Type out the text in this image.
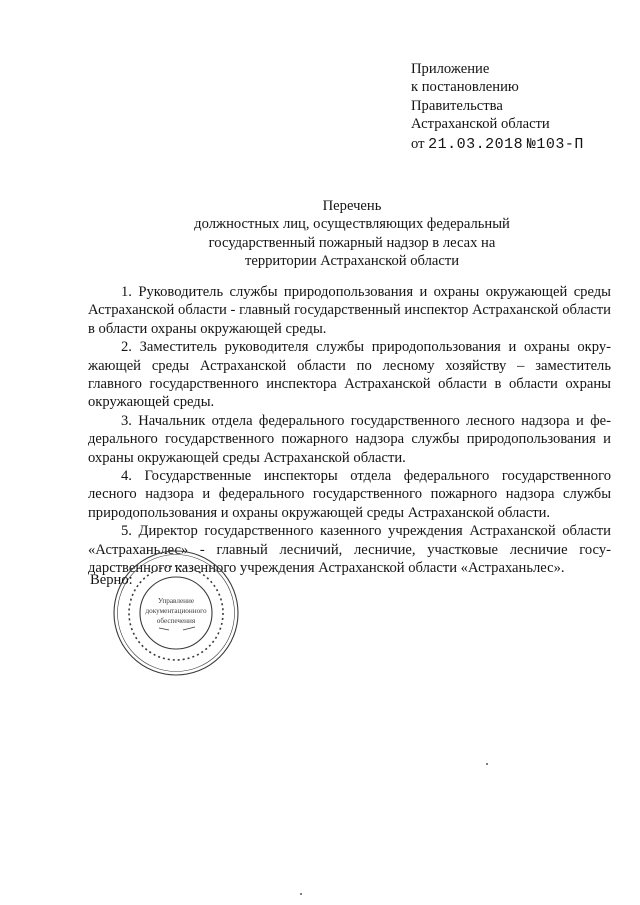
Приложение
к постановлению
Правительства
Астраханской области
от 21.03.2018 №103-П
Перечень
должностных лиц, осуществляющих федеральный
государственный пожарный надзор в лесах на
территории Астраханской области

1. Руководитель службы природопользования и охраны окружающей среды Астраханской области - главный государственный инспектор Астраханской области в области охраны окружающей среды.

2. Заместитель руководителя службы природопользования и охраны окружающей среды Астраханской области по лесному хозяйству – заместитель главного государственного инспектора Астраханской области в области охраны окружающей среды.

3. Начальник отдела федерального государственного лесного надзора и федерального государственного пожарного надзора службы природопользования и охраны окружающей среды Астраханской области.

4. Государственные инспекторы отдела федерального государственного лесного надзора и федерального государственного пожарного надзора службы природопользования и охраны окружающей среды Астраханской области.

5. Директор государственного казенного учреждения Астраханской области «Астраханьлес» - главный лесничий, лесничие, участковые лесничие государственного казенного учреждения Астраханской области «Астраханьлес».

Управление
документационного
обеспечения
Верно:
